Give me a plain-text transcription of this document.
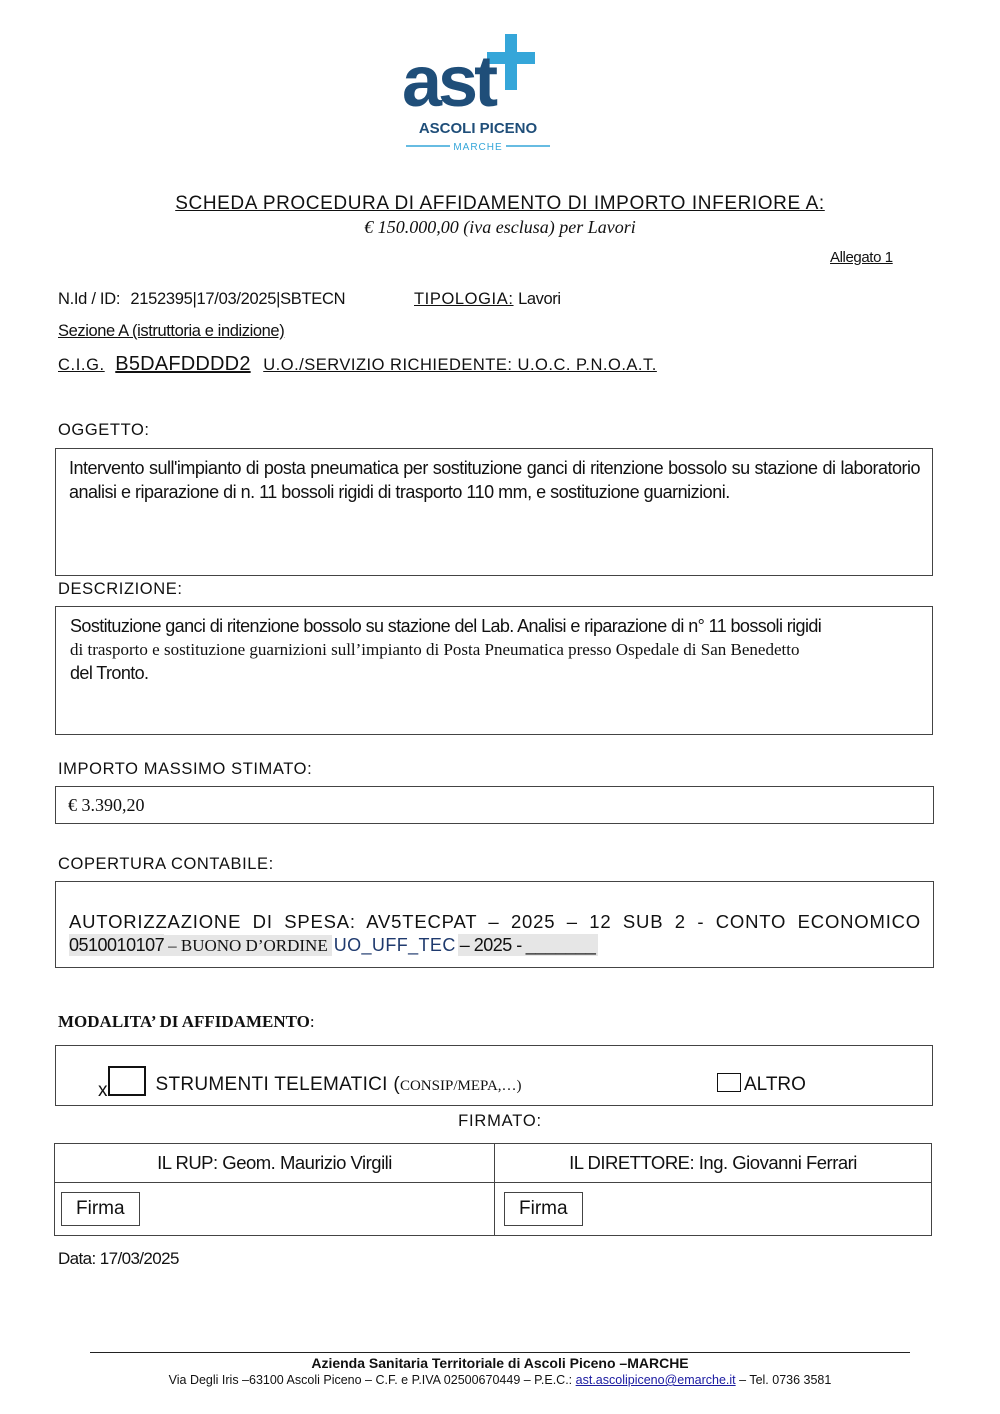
ast
ASCOLI PICENO
MARCHE
SCHEDA PROCEDURA DI AFFIDAMENTO DI IMPORTO INFERIORE A:
€ 150.000,00 (iva esclusa) per Lavori
Allegato 1
N.Id / ID: 2152395|17/03/2025|SBTECN	TIPOLOGIA: Lavori
Sezione A (istruttoria e indizione)
C.I.G. B5DAFDDDD2 U.O./SERVIZIO RICHIEDENTE: U.O.C. P.N.O.A.T.
OGGETTO:
Intervento sull'impianto di posta pneumatica per sostituzione ganci di ritenzione bossolo su stazione di laboratorio analisi e riparazione di n. 11 bossoli rigidi di trasporto 110 mm, e sostituzione guarnizioni.
DESCRIZIONE:
Sostituzione ganci di ritenzione bossolo su stazione del Lab. Analisi e riparazione di n° 11 bossoli rigidi
di trasporto e sostituzione guarnizioni sull’impianto di Posta Pneumatica presso Ospedale di San Benedetto
del Tronto.
IMPORTO MASSIMO STIMATO:
€ 3.390,20
COPERTURA CONTABILE:
AUTORIZZAZIONE DI SPESA: AV5TECPAT – 2025 – 12 SUB 2 - CONTO ECONOMICO
0510010107 – BUONO D’ORDINE UO_UFF_TEC – 2025 - _______
MODALITA’ DI AFFIDAMENTO:
x	STRUMENTI TELEMATICI (CONSIP/MEPA,…)	ALTRO
FIRMATO:
IL RUP: Geom. Maurizio Virgili	IL DIRETTORE: Ing. Giovanni Ferrari
Firma	Firma
Data: 17/03/2025
Azienda Sanitaria Territoriale di Ascoli Piceno –MARCHE
Via Degli Iris –63100 Ascoli Piceno – C.F. e P.IVA 02500670449 – P.E.C.: ast.ascolipiceno@emarche.it – Tel. 0736 3581
